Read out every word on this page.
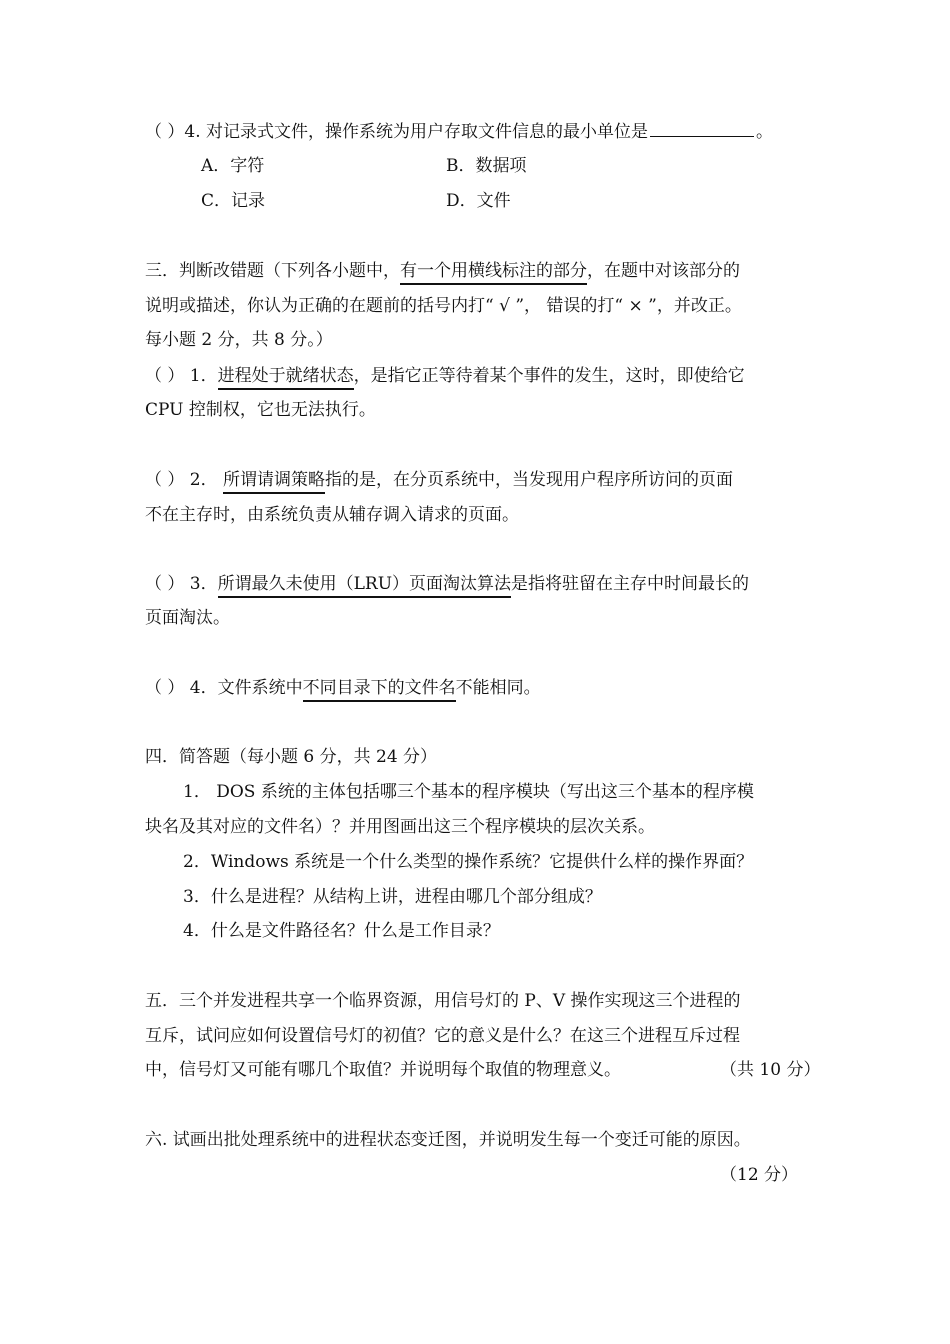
（ ）4. 对记录式文件，操作系统为用户存取文件信息的最小单位是	。
A．字符	B．数据项
C．记录	D．文件
三．判断改错题（下列各小题中，有一个用横线标注的部分，在题中对该部分的
说明或描述，你认为正确的在题前的括号内打“ √ ”， 错误的打“ × ”，并改正。
每小题 2 分，共 8 分。）
（ ） 1．进程处于就绪状态，是指它正等待着某个事件的发生，这时，即使给它
CPU 控制权，它也无法执行。
（ ） 2． 所谓请调策略指的是，在分页系统中，当发现用户程序所访问的页面
不在主存时，由系统负责从辅存调入请求的页面。
（ ） 3．所谓最久未使用（LRU）页面淘汰算法是指将驻留在主存中时间最长的
页面淘汰。
（ ） 4．文件系统中不同目录下的文件名不能相同。
四．简答题（每小题 6 分，共 24 分）
1． DOS 系统的主体包括哪三个基本的程序模块（写出这三个基本的程序模
块名及其对应的文件名）？并用图画出这三个程序模块的层次关系。
2．Windows 系统是一个什么类型的操作系统？它提供什么样的操作界面？
3．什么是进程？从结构上讲，进程由哪几个部分组成？
4．什么是文件路径名？什么是工作目录？
五．三个并发进程共享一个临界资源，用信号灯的 P、V 操作实现这三个进程的
互斥，试问应如何设置信号灯的初值？它的意义是什么？在这三个进程互斥过程
中，信号灯又可能有哪几个取值？并说明每个取值的物理意义。	（共 10 分）
六. 试画出批处理系统中的进程状态变迁图，并说明发生每一个变迁可能的原因。
（12 分）
